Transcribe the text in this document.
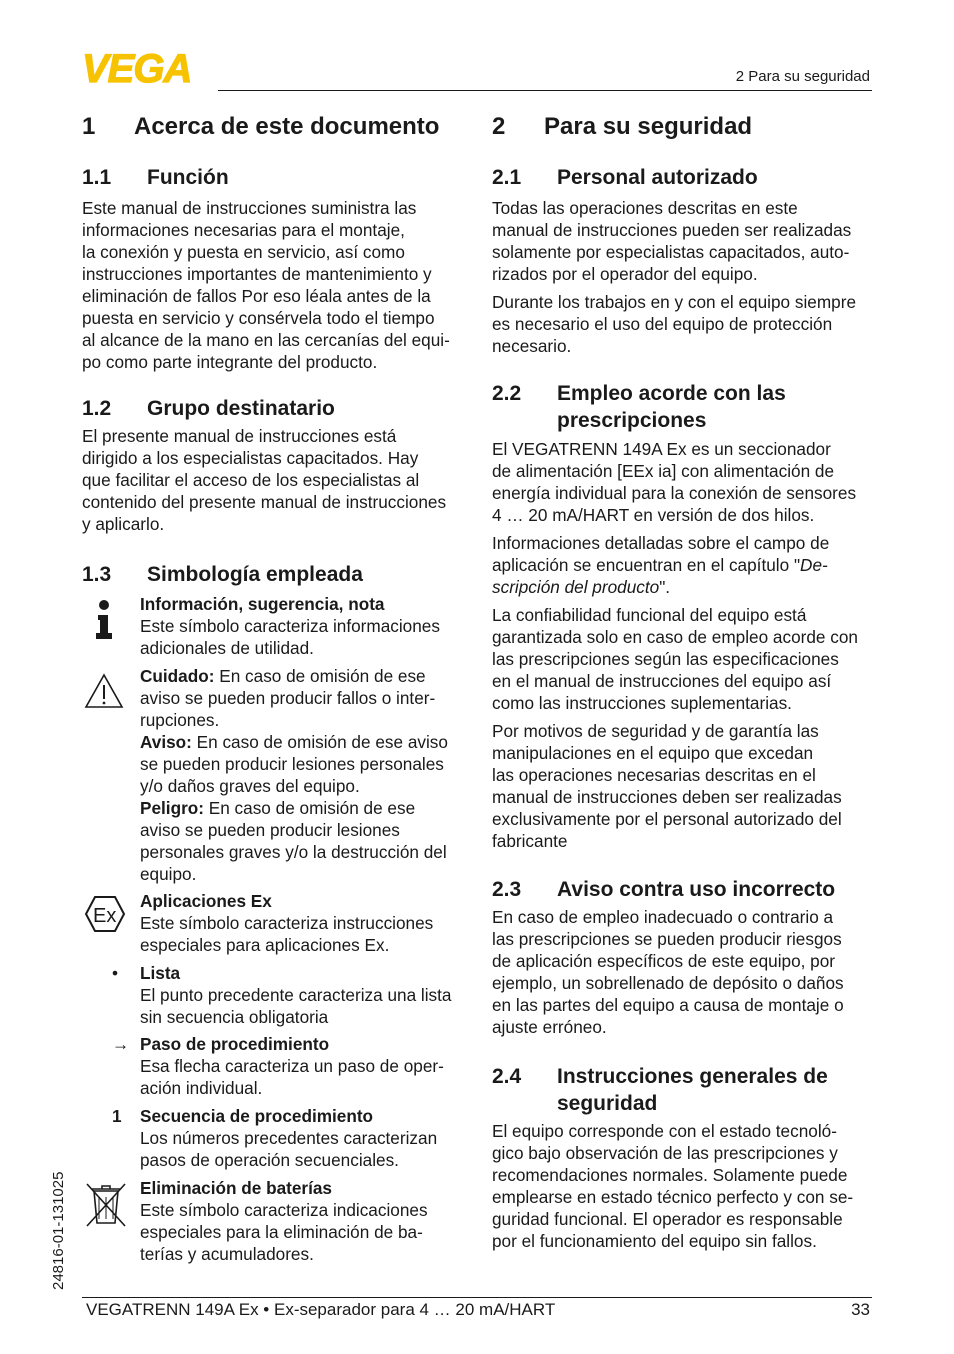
VEGA	2 Para su seguridad
1	Acerca de este documento
1.1	Función
Este manual de instrucciones suministra las
informaciones necesarias para el montaje,
la conexión y puesta en servicio, así como
instrucciones importantes de mantenimiento y
eliminación de fallos Por eso léala antes de la
puesta en servicio y consérvela todo el tiempo
al alcance de la mano en las cercanías del equi-
po como parte integrante del producto.
1.2	Grupo destinatario
El presente manual de instrucciones está
dirigido a los especialistas capacitados. Hay
que facilitar el acceso de los especialistas al
contenido del presente manual de instrucciones
y aplicarlo.
1.3	Simbología empleada
Información, sugerencia, nota
Este símbolo caracteriza informaciones
adicionales de utilidad.
Cuidado: En caso de omisión de ese
aviso se pueden producir fallos o inter-
rupciones.
Aviso: En caso de omisión de ese aviso
se pueden producir lesiones personales
y/o daños graves del equipo.
Peligro: En caso de omisión de ese
aviso se pueden producir lesiones
personales graves y/o la destrucción del
equipo.
Ex
Aplicaciones Ex
Este símbolo caracteriza instrucciones
especiales para aplicaciones Ex.
•	Lista
El punto precedente caracteriza una lista
sin secuencia obligatoria
→ Paso de procedimiento
Esa flecha caracteriza un paso de oper-
ación individual.
1	Secuencia de procedimiento
Los números precedentes caracterizan
pasos de operación secuenciales.
Eliminación de baterías
Este símbolo caracteriza indicaciones
especiales para la eliminación de ba-
terías y acumuladores.
2	Para su seguridad
2.1	Personal autorizado
Todas las operaciones descritas en este
manual de instrucciones pueden ser realizadas
solamente por especialistas capacitados, auto-
rizados por el operador del equipo.
Durante los trabajos en y con el equipo siempre
es necesario el uso del equipo de protección
necesario.
2.2	Empleo acorde con las
prescripciones
El VEGATRENN 149A Ex es un seccionador
de alimentación [EEx ia] con alimentación de
energía individual para la conexión de sensores
4 … 20 mA/HART en versión de dos hilos.
Informaciones detalladas sobre el campo de
aplicación se encuentran en el capítulo "De-
scripción del producto".
La confiabilidad funcional del equipo está
garantizada solo en caso de empleo acorde con
las prescripciones según las especificaciones
en el manual de instrucciones del equipo así
como las instrucciones suplementarias.
Por motivos de seguridad y de garantía las
manipulaciones en el equipo que excedan
las operaciones necesarias descritas en el
manual de instrucciones deben ser realizadas
exclusivamente por el personal autorizado del
fabricante
2.3	Aviso contra uso incorrecto
En caso de empleo inadecuado o contrario a
las prescripciones se pueden producir riesgos
de aplicación específicos de este equipo, por
ejemplo, un sobrellenado de depósito o daños
en las partes del equipo a causa de montaje o
ajuste erróneo.
2.4	Instrucciones generales de
seguridad
El equipo corresponde con el estado tecnoló-
gico bajo observación de las prescripciones y
recomendaciones normales. Solamente puede
emplearse en estado técnico perfecto y con se-
guridad funcional. El operador es responsable
por el funcionamiento del equipo sin fallos.
24816-01-131025
VEGATRENN 149A Ex • Ex-separador para 4 … 20 mA/HART	33
